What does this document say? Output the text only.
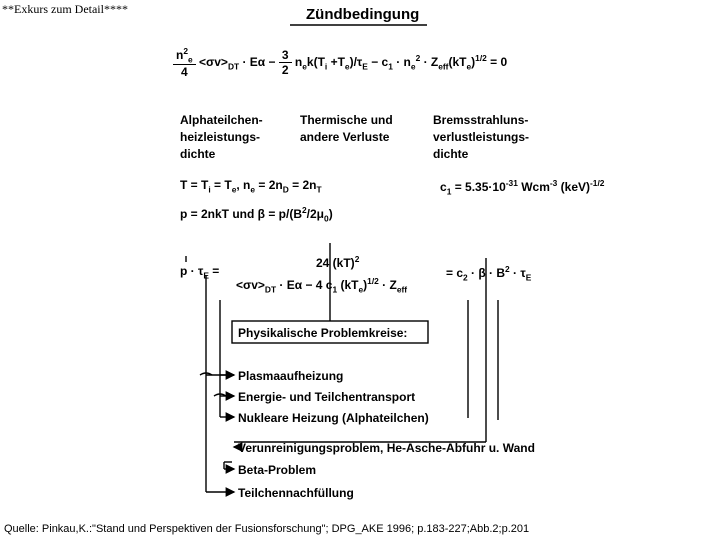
**Exkurs zum Detail****	Zündbedingung
$\frac{n^2_e}{4} <\sigma v>_{DT} \cdot E\alpha - \frac{3}{2} n_ek(T_i +T_e)/\tau_E - c_1 \cdot n_e^2 \cdot Z_{eff}(kT_e)^{1/2} = 0$
Alphateilchen-
heizleistungs-
dichte
Thermische und
andere Verluste
Bremsstrahluns-
verlustleistungs-
dichte
$T = T_i = T_e$, $n_e = 2n_D = 2n_T$	$c_1 = 5.35\cdot 10^{-31}$ Wcm$^{-3}$ (keV)$^{-1/2}$
p = 2nkT und $\beta = p/(B^2/2\mu_0)$
$p \cdot \tau_E$ =
24 (kT)$^2$
$<\sigma v>_{DT} \cdot E\alpha - 4$ $c_1$ $(kT_e)^{1/2} \cdot Z_{eff}$
= $c_2 \cdot \beta \cdot B^2 \cdot \tau_E$
Physikalische Problemkreise:
Plasmaaufheizung
Energie- und Teilchentransport
Nukleare Heizung (Alphateilchen)
Verunreinigungsproblem, He-Asche-Abfuhr u. Wand
Beta-Problem
Teilchennachfüllung
Quelle: Pinkau,K.:"Stand und Perspektiven der Fusionsforschung"; DPG_AKE 1996; p.183-227;Abb.2;p.201
